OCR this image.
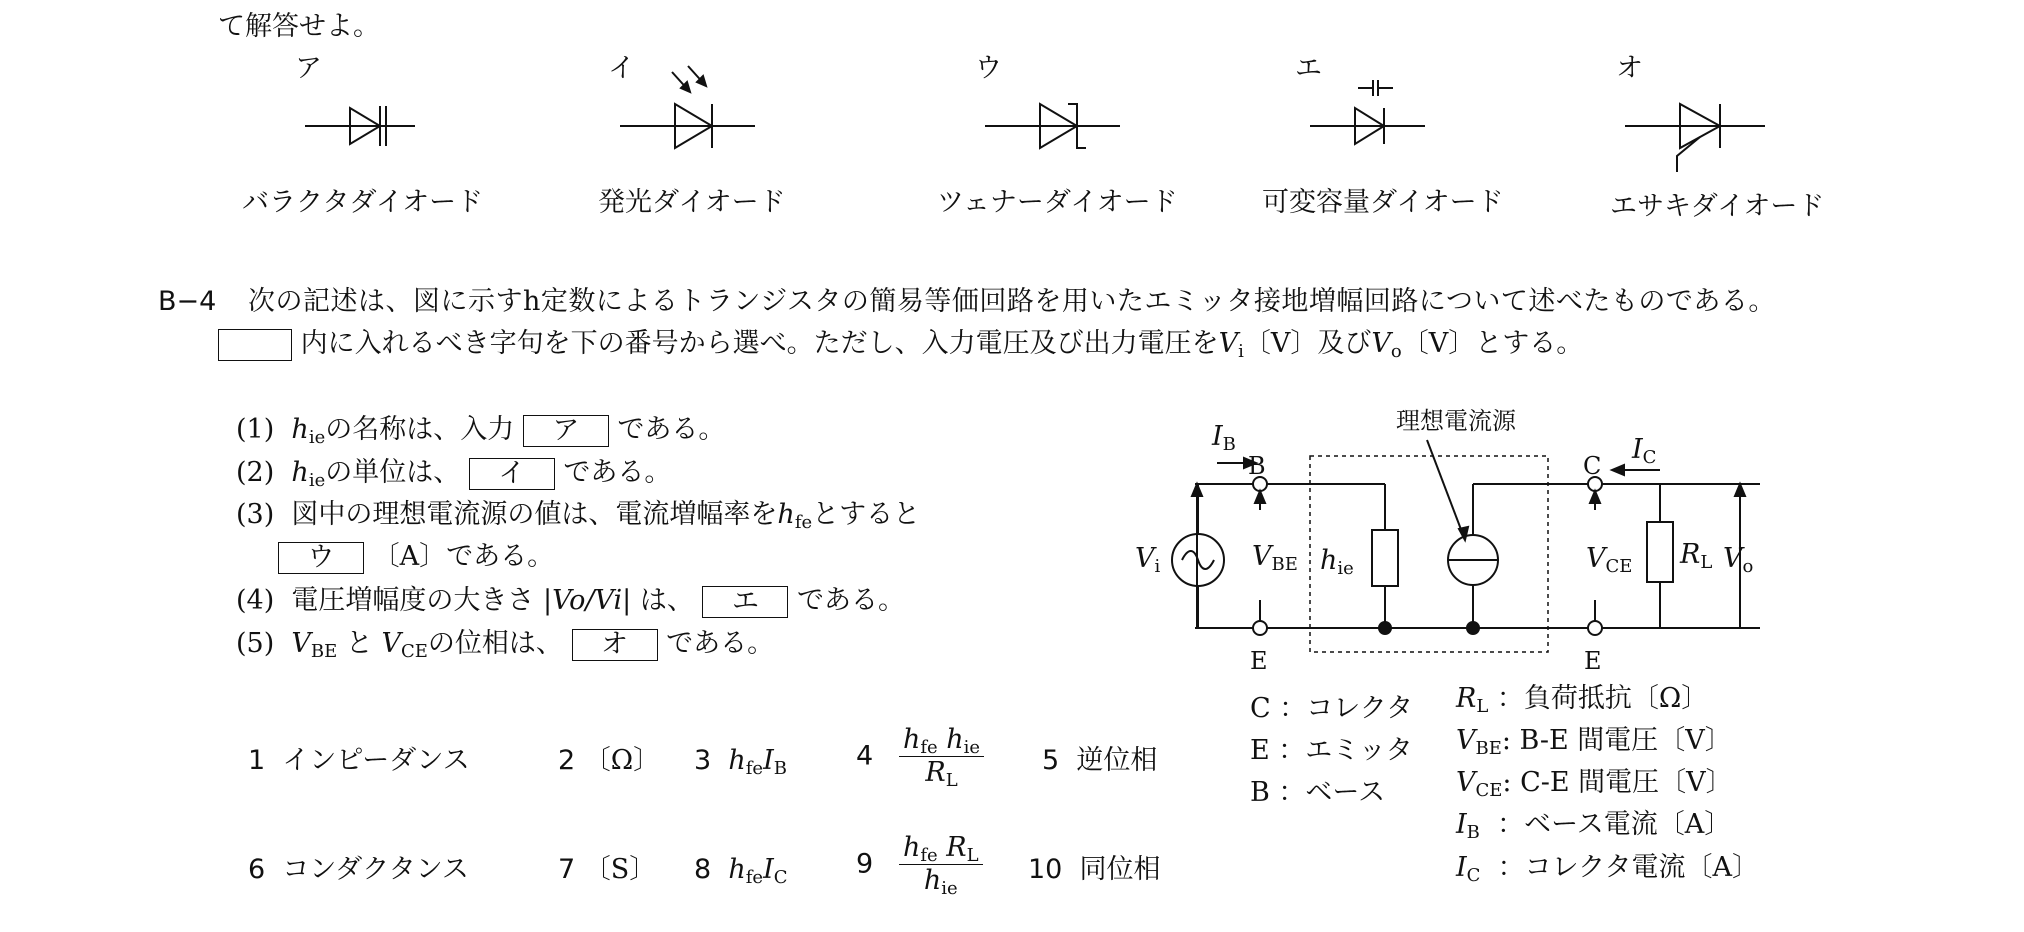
て解答せよ。
ア	イ	ウ	エ	オ
バラクタダイオード	発光ダイオード	ツェナーダイオード	可変容量ダイオード	エサキダイオード
B−4 次の記述は、図に示すh定数によるトランジスタの簡易等価回路を用いたエミッタ接地増幅回路について述べたものである。
内に入れるべき字句を下の番号から選べ。ただし、入力電圧及び出力電圧を$V_i$〔V〕及び$V_o$〔V〕とする。
(1) $h_{ie}$の名称は、入力 ア である。
(2) $h_{ie}$の単位は、 イ である。
(3) 図中の理想電流源の値は、電流増幅率を$h_{fe}$とすると
ウ 〔A〕である。
(4) 電圧増幅度の大きさ |Vo/Vi| は、 エ である。
(5) $V_{BE}$ と $V_{CE}$の位相は、 オ である。
1 インピーダンス	2 〔Ω〕 3 $h_{fe}I_B$	$4 \frac{h_{fe} h_{ie}}{R_L} 5$ 逆位相
6 コンダクタンス	7 〔S〕 8 $h_{fe}I_C$	$9 \frac{h_{fe} R_L}{h_{ie}} 10$ 同位相
理想電流源
$I_B$
B	C
$I_C$
$V_i$	$V_{BE}$ $h_{ie}$	$V_{CE}$ $R_L$ $V_o$
E	E
C ：コレクタ
E ：エミッタ
B ：ベース
$R_L$ ：負荷抵抗〔Ω〕
$V_{BE}$: B-E 間電圧〔V〕
$V_{CE}$: C-E 間電圧〔V〕
$I_B$ ：ベース電流〔A〕
$I_C$ ：コレクタ電流〔A〕
